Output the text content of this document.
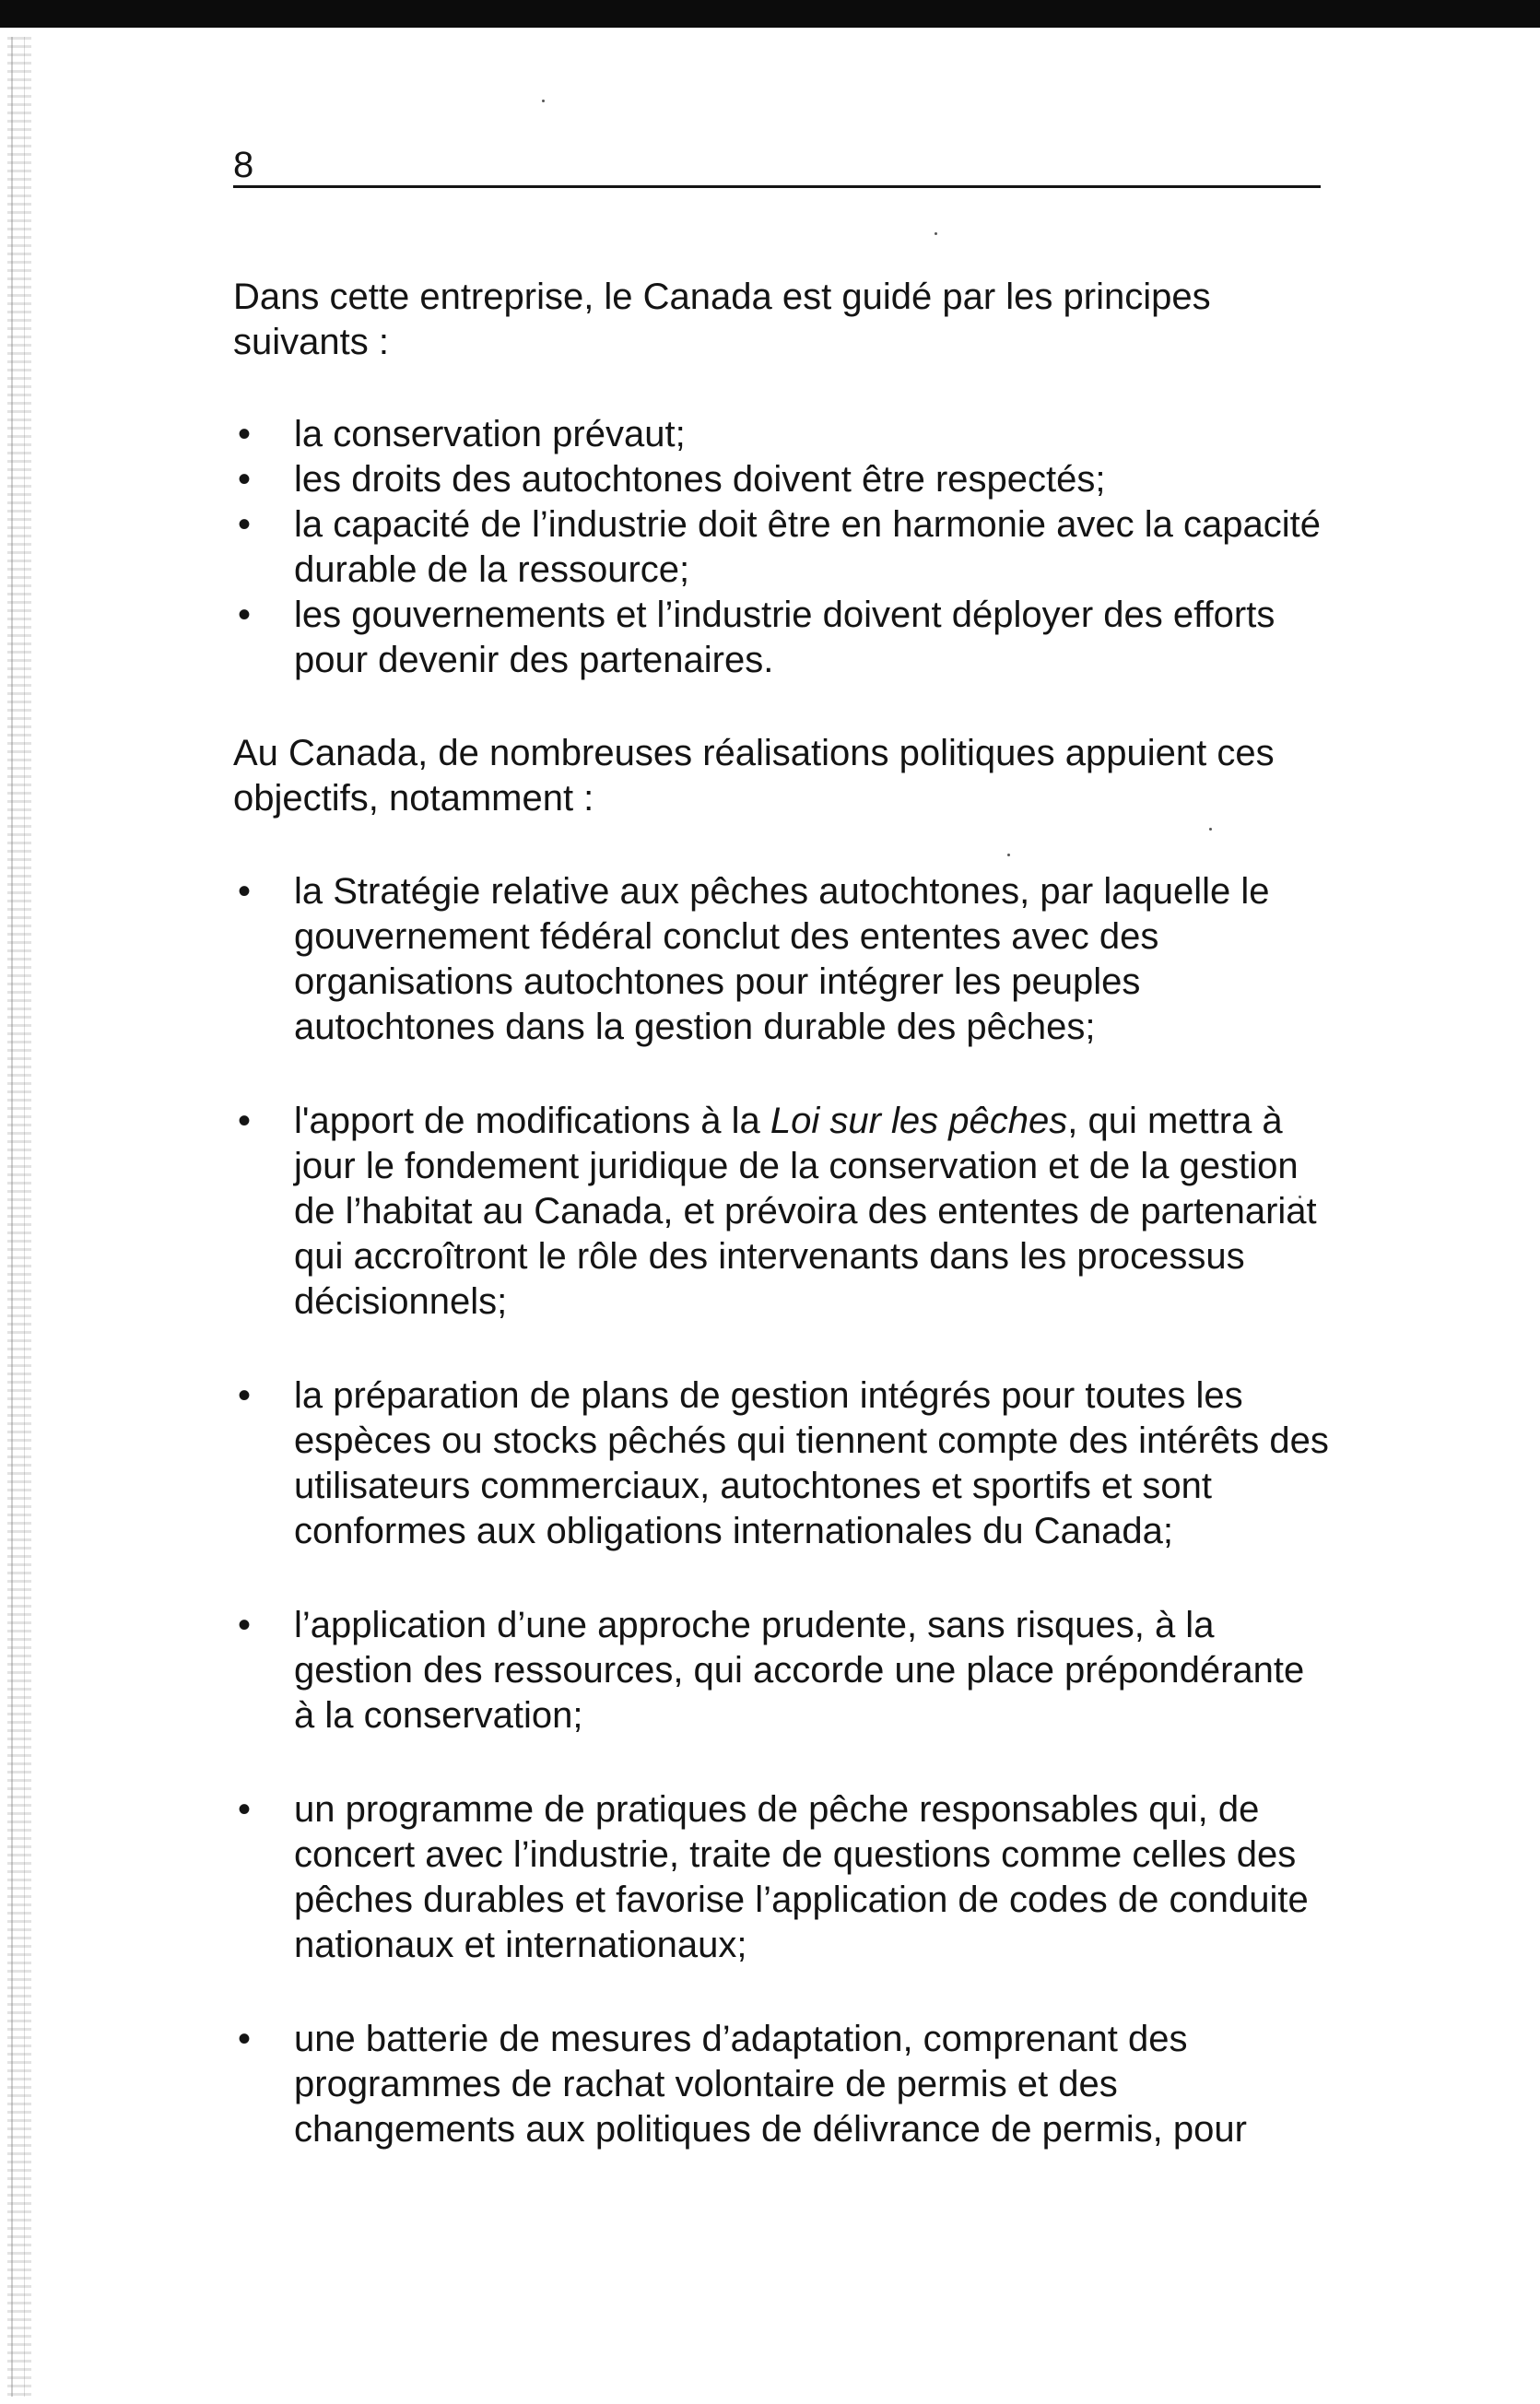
8

Dans cette entreprise, le Canada est guidé par les principes suivants :

• la conservation prévaut;
• les droits des autochtones doivent être respectés;
• la capacité de l’industrie doit être en harmonie avec la capacité durable de la ressource;
• les gouvernements et l’industrie doivent déployer des efforts pour devenir des partenaires.

Au Canada, de nombreuses réalisations politiques appuient ces objectifs, notamment :

• la Stratégie relative aux pêches autochtones, par laquelle le gouvernement fédéral conclut des ententes avec des organisations autochtones pour intégrer les peuples autochtones dans la gestion durable des pêches;
• l'apport de modifications à la Loi sur les pêches, qui mettra à jour le fondement juridique de la conservation et de la gestion de l’habitat au Canada, et prévoira des ententes de partenariat qui accroîtront le rôle des intervenants dans les processus décisionnels;
• la préparation de plans de gestion intégrés pour toutes les espèces ou stocks pêchés qui tiennent compte des intérêts des utilisateurs commerciaux, autochtones et sportifs et sont conformes aux obligations internationales du Canada;
• l’application d’une approche prudente, sans risques, à la gestion des ressources, qui accorde une place prépondérante à la conservation;
• un programme de pratiques de pêche responsables qui, de concert avec l’industrie, traite de questions comme celles des pêches durables et favorise l’application de codes de conduite nationaux et internationaux;
• une batterie de mesures d’adaptation, comprenant des programmes de rachat volontaire de permis et des changements aux politiques de délivrance de permis, pour
